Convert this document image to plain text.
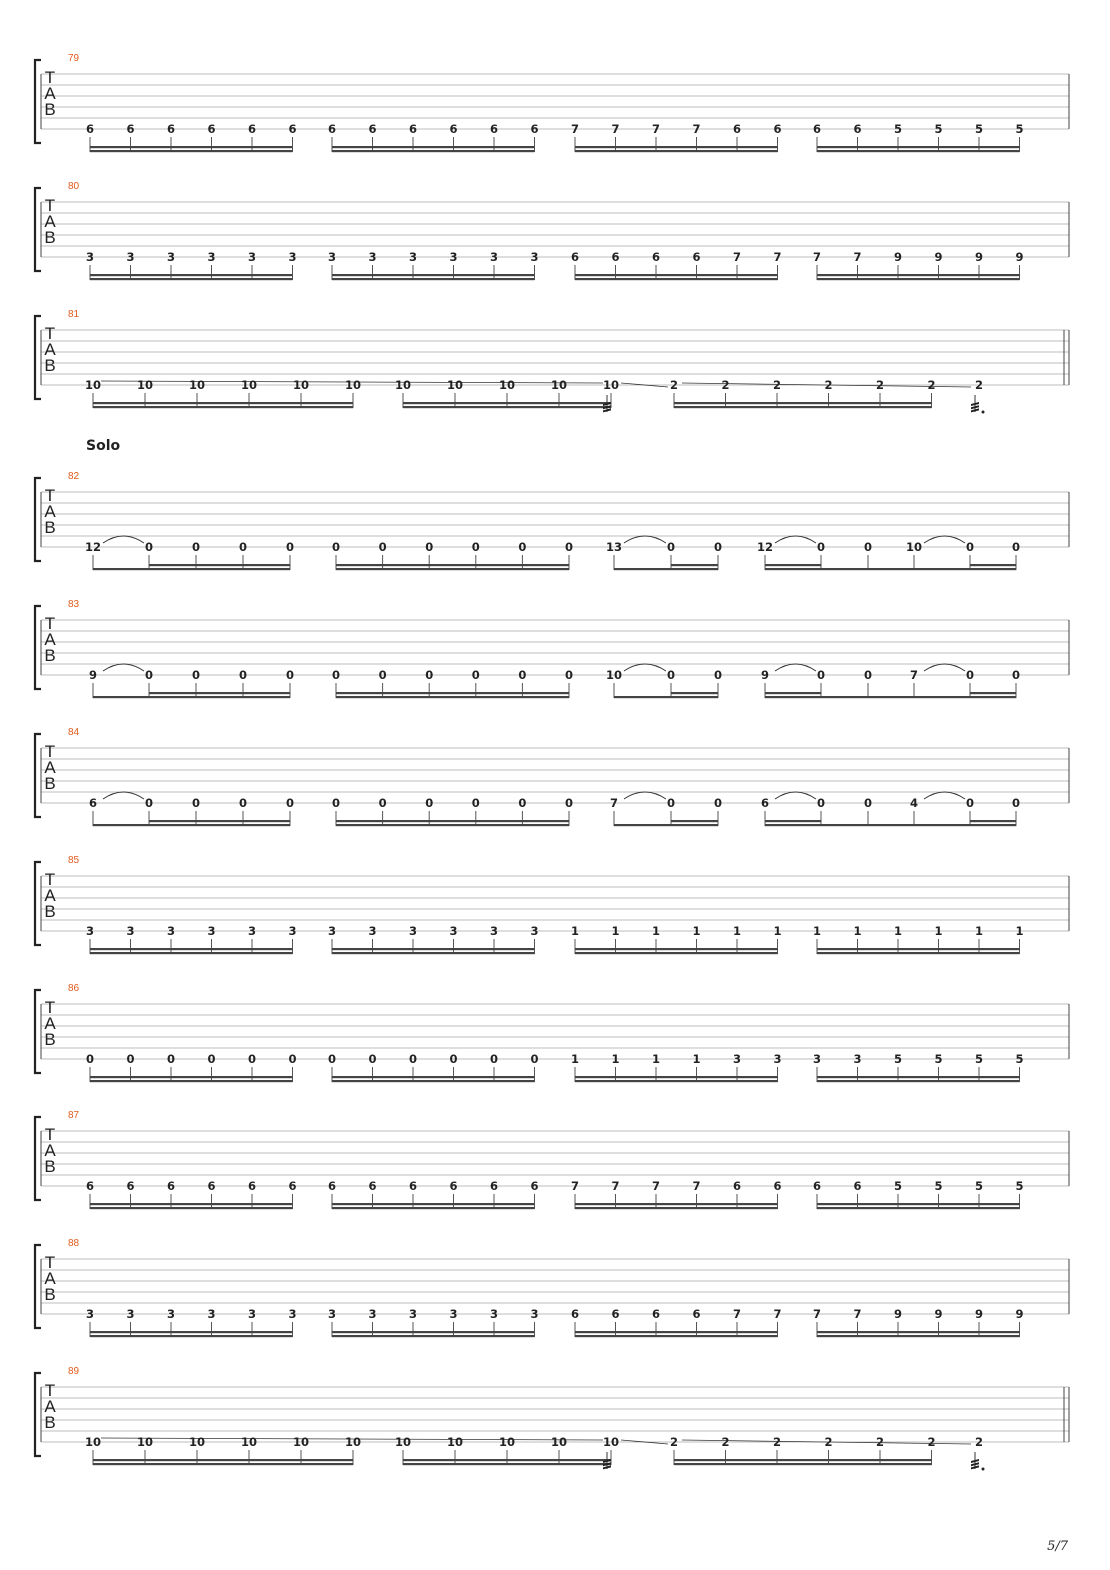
T
A
B
79
6	6	6	6	6	6	6	6	6	6	6	6	7	7	7	7	6	6	6	6	5	5	5	5
T
A
B
80
3	3	3	3	3	3	3	3	3	3	3	3	6	6	6	6	7	7	7	7	9	9	9	9
T
A
B
81
10	10	10	10	10	10	10	10	10	10	10	2	2	2	2	2	2	2
T
A
B
82
Solo
12	0	0	0	0	0	0	0	0	0	0	13	0	0	12	0	0	10	0	0
T
A
B
83
9	0	0	0	0	0	0	0	0	0	0	10	0	0	9	0	0	7	0	0
T
A
B
84
6	0	0	0	0	0	0	0	0	0	0	7	0	0	6	0	0	4	0	0
T
A
B
85
3	3	3	3	3	3	3	3	3	3	3	3	1	1	1	1	1	1	1	1	1	1	1	1
T
A
B
86
0	0	0	0	0	0	0	0	0	0	0	0	1	1	1	1	3	3	3	3	5	5	5	5
T
A
B
87
6	6	6	6	6	6	6	6	6	6	6	6	7	7	7	7	6	6	6	6	5	5	5	5
T
A
B
88
3	3	3	3	3	3	3	3	3	3	3	3	6	6	6	6	7	7	7	7	9	9	9	9
T
A
B
89
10	10	10	10	10	10	10	10	10	10	10	2	2	2	2	2	2	2
5/7
